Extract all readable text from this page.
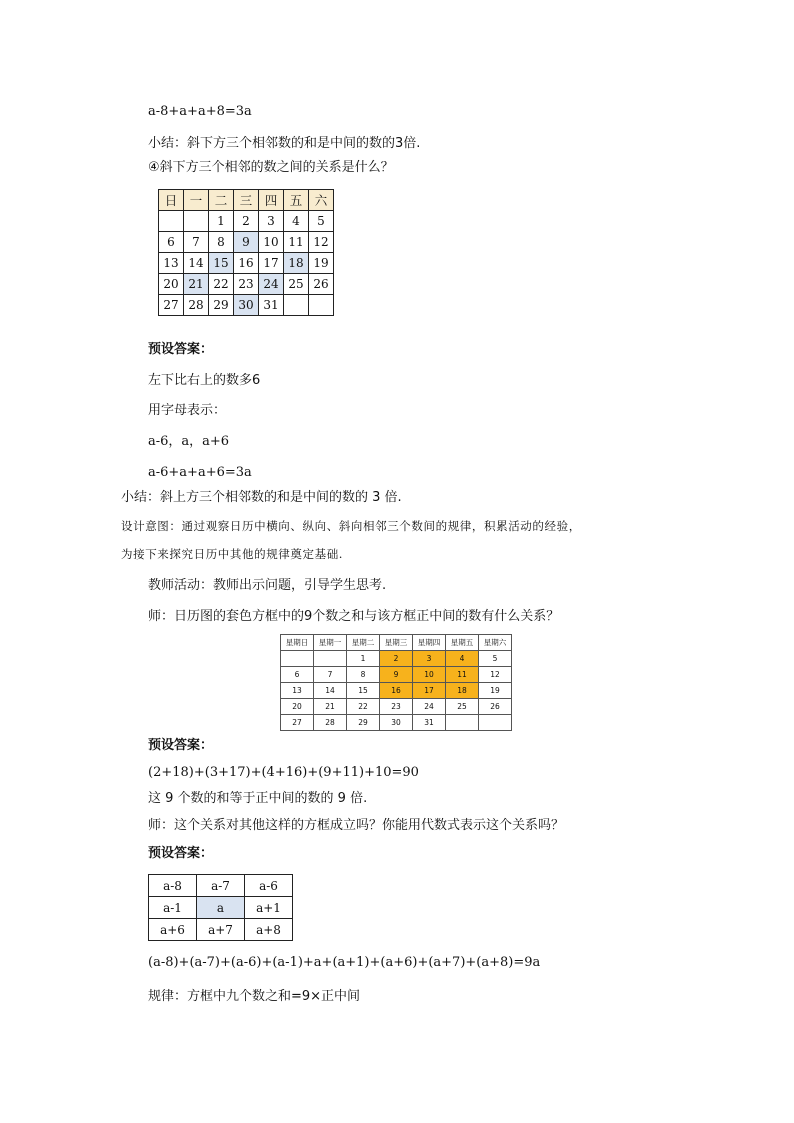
a-8+a+a+8=3a
小结：斜下方三个相邻数的和是中间的数的3倍.
④斜下方三个相邻的数之间的关系是什么？
日	一	二	三	四	五	六
		1	2	3	4	5
6	7	8	9	10	11	12
13	14	15	16	17	18	19
20	21	22	23	24	25	26
27	28	29	30	31		
预设答案：
左下比右上的数多6
用字母表示：
a-6，a，a+6
a-6+a+a+6=3a
小结：斜上方三个相邻数的和是中间的数的 3 倍.
设计意图：通过观察日历中横向、纵向、斜向相邻三个数间的规律，积累活动的经验，
为接下来探究日历中其他的规律奠定基础.
教师活动：教师出示问题，引导学生思考.
师：日历图的套色方框中的9个数之和与该方框正中间的数有什么关系？
星期日	星期一	星期二	星期三	星期四	星期五	星期六
		1	2	3	4	5
6	7	8	9	10	11	12
13	14	15	16	17	18	19
20	21	22	23	24	25	26
27	28	29	30	31		
预设答案：
(2+18)+(3+17)+(4+16)+(9+11)+10=90
这 9 个数的和等于正中间的数的 9 倍.
师：这个关系对其他这样的方框成立吗？你能用代数式表示这个关系吗？
预设答案：
a-8	a-7	a-6
a-1	a	a+1
a+6	a+7	a+8
(a-8)+(a-7)+(a-6)+(a-1)+a+(a+1)+(a+6)+(a+7)+(a+8)=9a
规律：方框中九个数之和=9×正中间
